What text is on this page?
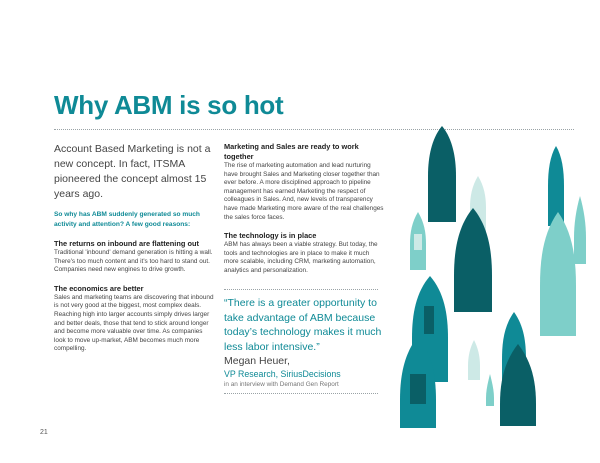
Why ABM is so hot

Account Based Marketing is not a new concept. In fact, ITSMA pioneered the concept almost 15 years ago.

So why has ABM suddenly generated so much activity and attention? A few good reasons:

The returns on inbound are flattening out

Traditional 'inbound' demand generation is hitting a wall. There's too much content and it's too hard to stand out. Companies need new engines to drive growth.

The economics are better

Sales and marketing teams are discovering that inbound is not very good at the biggest, most complex deals. Reaching high into larger accounts simply drives larger and better deals, those that tend to stick around longer and become more valuable over time. As companies look to move up-market, ABM becomes much more compelling.

Marketing and Sales are ready to work together

The rise of marketing automation and lead nurturing have brought Sales and Marketing closer together than ever before. A more disciplined approach to pipeline management has earned Marketing the respect of colleagues in Sales. And, new levels of transparency have made Marketing more aware of the real challenges the sales force faces.

The technology is in place

ABM has always been a viable strategy. But today, the tools and technologies are in place to make it much more scalable, including CRM, marketing automation, analytics and personalization.

“There is a greater opportunity to take advantage of ABM because today’s technology makes it much less labor intensive.”

Megan Heuer,

VP Research, SiriusDecisions

in an interview with Demand Gen Report

21
